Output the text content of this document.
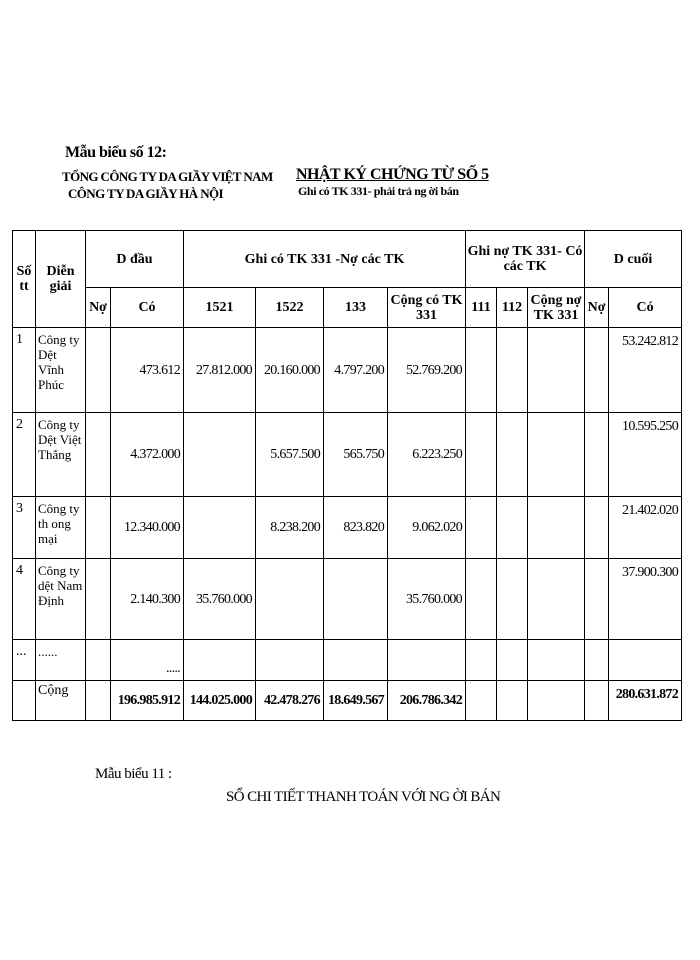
Mẫu biểu số 12:
TỔNG CÔNG TY DA GIẦY VIỆT NAM
CÔNG TY DA GIẦY HÀ NỘI
NHẬT KÝ CHỨNG TỪ SỐ 5
Ghi có TK 331- phải trả ng ời bán
Số tt	Diễn giải	D đầu		Ghi có TK 331 -Nợ các TK				Ghi nợ TK 331- Có các TK			D cuối	
		Nợ	Có	1521	1522	133	Cộng có TK 331	111	112	Cộng nợ TK 331	Nợ	Có
1	Công ty Dệt Vĩnh Phúc		473.612	27.812.000	20.160.000	4.797.200	52.769.200					53.242.812
2	Công ty Dệt Việt Thắng		4.372.000		5.657.500	565.750	6.223.250					10.595.250
3	Công ty th ong mại		12.340.000		8.238.200	823.820	9.062.020					21.402.020
4	Công ty dệt Nam Định		2.140.300	35.760.000			35.760.000					37.900.300
...	......		.....									
	Cộng		196.985.912	144.025.000	42.478.276	18.649.567	206.786.342					280.631.872
Mẫu biểu 11 :
SỔ CHI TIẾT THANH TOÁN VỚI NG ỜI BÁN
